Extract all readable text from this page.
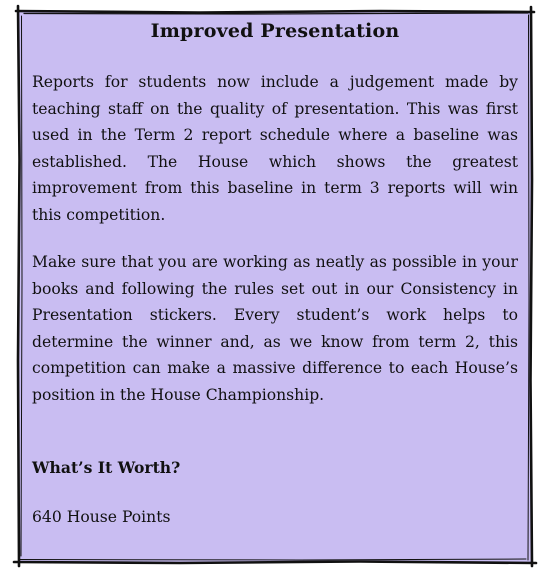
Improved Presentation

Reports for students now include a judgement made by teaching staff on the quality of presentation. This was first used in the Term 2 report schedule where a baseline was established. The House which shows the greatest improvement from this baseline in term 3 reports will win this competition.

Make sure that you are working as neatly as possible in your books and following the rules set out in our Consistency in Presentation stickers. Every student’s work helps to determine the winner and, as we know from term 2, this competition can make a massive difference to each House’s position in the House Championship.

What’s It Worth?

640 House Points
